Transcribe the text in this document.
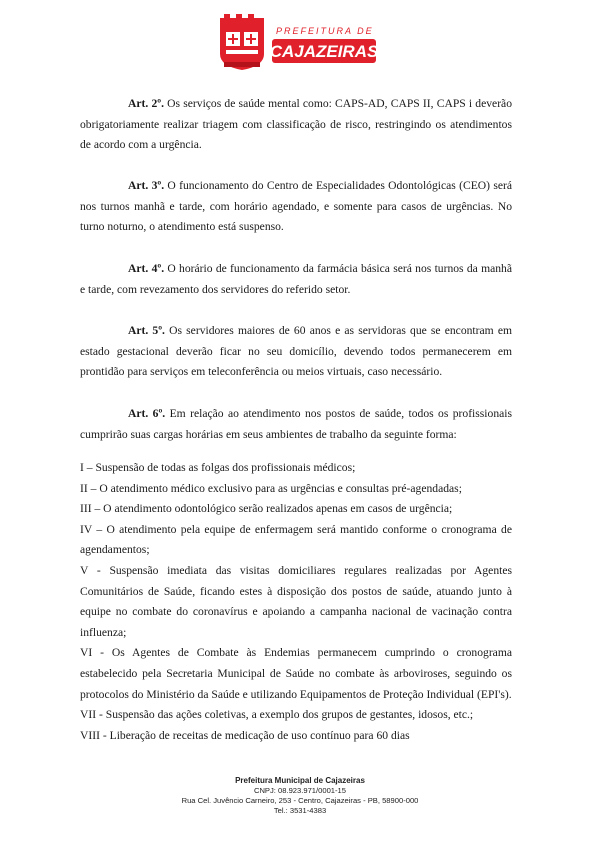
PREFEITURA DE
CAJAZEIRAS

Art. 2º. Os serviços de saúde mental como: CAPS-AD, CAPS II, CAPS i deverão obrigatoriamente realizar triagem com classificação de risco, restringindo os atendimentos de acordo com a urgência.

Art. 3º. O funcionamento do Centro de Especialidades Odontológicas (CEO) será nos turnos manhã e tarde, com horário agendado, e somente para casos de urgências. No turno noturno, o atendimento está suspenso.

Art. 4º. O horário de funcionamento da farmácia básica será nos turnos da manhã e tarde, com revezamento dos servidores do referido setor.

Art. 5º. Os servidores maiores de 60 anos e as servidoras que se encontram em estado gestacional deverão ficar no seu domicílio, devendo todos permanecerem em prontidão para serviços em teleconferência ou meios virtuais, caso necessário.

Art. 6º. Em relação ao atendimento nos postos de saúde, todos os profissionais cumprirão suas cargas horárias em seus ambientes de trabalho da seguinte forma:

I – Suspensão de todas as folgas dos profissionais médicos;
II – O atendimento médico exclusivo para as urgências e consultas pré-agendadas;
III – O atendimento odontológico serão realizados apenas em casos de urgência;
IV – O atendimento pela equipe de enfermagem será mantido conforme o cronograma de agendamentos;
V - Suspensão imediata das visitas domiciliares regulares realizadas por Agentes Comunitários de Saúde, ficando estes à disposição dos postos de saúde, atuando junto à equipe no combate do coronavírus e apoiando a campanha nacional de vacinação contra influenza;
VI - Os Agentes de Combate às Endemias permanecem cumprindo o cronograma estabelecido pela Secretaria Municipal de Saúde no combate às arboviroses, seguindo os protocolos do Ministério da Saúde e utilizando Equipamentos de Proteção Individual (EPI's).
VII - Suspensão das ações coletivas, a exemplo dos grupos de gestantes, idosos, etc.;
VIII - Liberação de receitas de medicação de uso contínuo para 60 dias
Prefeitura Municipal de Cajazeiras
CNPJ: 08.923.971/0001-15
Rua Cel. Juvêncio Carneiro, 253 - Centro, Cajazeiras - PB, 58900-000
Tel.: 3531-4383
